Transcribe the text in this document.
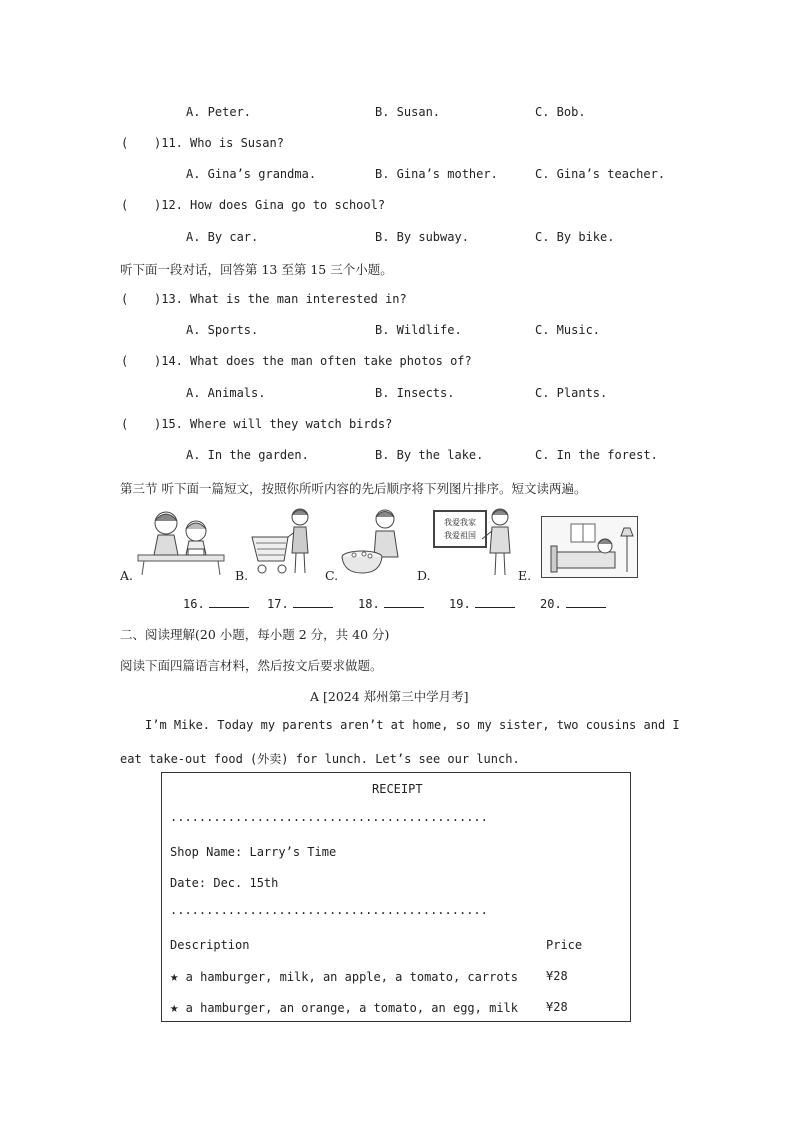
A. Peter.	B. Susan.	C. Bob.
( )11. Who is Susan?
A. Gina’s grandma.	B. Gina’s mother.	C. Gina’s teacher.
( )12. How does Gina go to school?
A. By car.	B. By subway.	C. By bike.
听下面一段对话，回答第 13 至第 15 三个小题。
( )13. What is the man interested in?
A. Sports.	B. Wildlife.	C. Music.
( )14. What does the man often take photos of?
A. Animals.	B. Insects.	C. Plants.
( )15. Where will they watch birds?
A. In the garden.	B. By the lake.	C. In the forest.
第三节 听下面一篇短文，按照你所听内容的先后顺序将下列图片排序。短文读两遍。
A.	B.	C.	D.
我爱我家
我爱祖国
E.
16.	17.	18.	19.	20.
二、阅读理解(20 小题，每小题 2 分，共 40 分)
阅读下面四篇语言材料，然后按文后要求做题。
A [2024 郑州第三中学月考]
I’m Mike. Today my parents aren’t at home, so my sister, two cousins and I
eat take-out food (外卖) for lunch. Let’s see our lunch.
RECEIPT
............................................
Shop Name: Larry’s Time
Date: Dec. 15th
............................................
Description	Price
★ a hamburger, milk, an apple, a tomato, carrots ¥28
★ a hamburger, an orange, a tomato, an egg, milk ¥28
